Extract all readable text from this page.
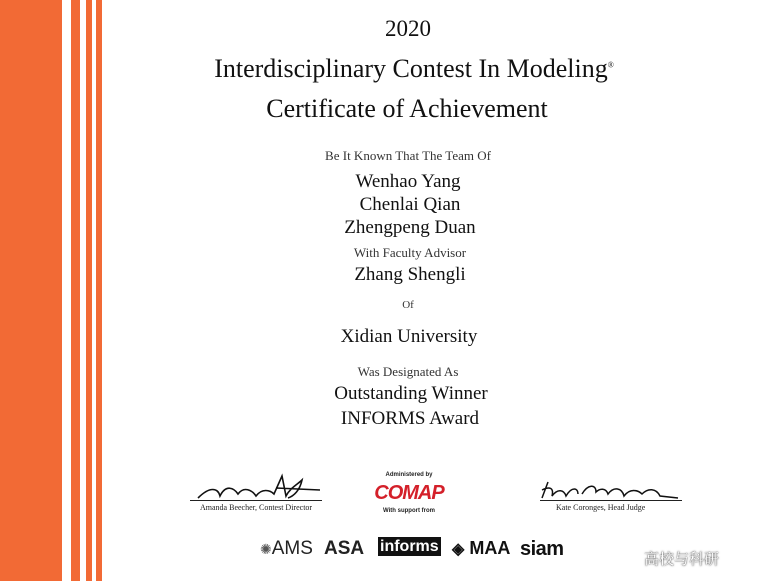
2020
Interdisciplinary Contest In Modeling®
Certificate of Achievement
Be It Known That The Team Of
Wenhao Yang
Chenlai Qian
Zhengpeng Duan
With Faculty Advisor
Zhang Shengli
Of
Xidian University
Was Designated As
Outstanding Winner
INFORMS Award
Amanda Beecher, Contest Director	Kate Coronges, Head Judge
Administered by
COMAP
With support from
✺AMS ASA informs ◈ MAA siam	高校与科研
